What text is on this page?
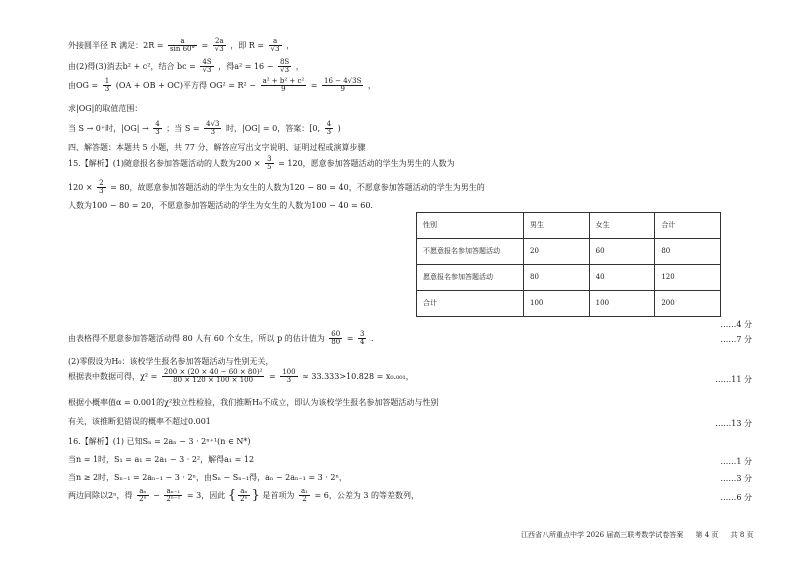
外接圆半径 R 满足：$2R = \frac{a}{\sin 60^\circ} = \frac{2a}{√3}$ ，即 $R = \frac{a}{√3}$ ，
由(2)得(3)消去b² + c²，结合 bc = $\frac{4S}{√3}$ ，得$a^2 = 16 - \frac{8S}{√3}$ ，
由OG = $\frac{1}{3} (OA$ + OB + OC)平方得 $OG^2 = R^2 - \frac{\text{a² + b² + c²}}{9} = \frac{16 - 4√3S}{9}$ ，
求|OG|的取值范围：
当 S → 0⁺时，$|OG| \to \frac{4}{3}$ ；当 $S = \frac{4√3}{3}$ 时，|OG| = 0，答案：[0, $\frac{4}{3}$ )
四、解答题：本题共 5 小题，共 77 分，解答应写出文字说明、证明过程或演算步骤
15.【解析】(1)随意报名参加答题活动的人数为$200 \times \frac{3}{5} = 120$，愿意参加答题活动的学生为男生的人数为
$120 \times \frac{2}{3} = 80$，故愿意参加答题活动的学生为女生的人数为120 − 80 = 40，不愿意参加答题活动的学生为男生的
人数为100 − 80 = 20，不愿意参加答题活动的学生为女生的人数为100 − 40 = 60．
性别	男生	女生	合计
不愿意报名参加答题活动	20	60	80
愿意报名参加答题活动	80	40	120
合计	100	100	200
……4 分
由表格得不愿意参加答题活动得 80 人有 60 个女生，所以 p 的估计值为 $\frac{60}{80} = \frac{3}{4}$ ．	……7 分
(2)零假设为H₀：该校学生报名参加答题活动与性别无关，
根据表中数据可得，$\chi^2 = \frac{\text{200 × (20 × 40 − 60 × 80)²}}{80 \times 120 \times 100 \times 100} = \frac{100}{3} \approx 33.333>10.828 = x_0._{001}$，	……11 分
根据小概率值α = 0.001的χ²独立性检验，我们推断H₀不成立，即认为该校学生报名参加答题活动与性别
有关，该推断犯错误的概率不超过0.001	……13 分
16.【解析】(1) 已知Sₙ = 2aₙ − 3 · 2ⁿ⁺¹(n ∈ N*)
当n = 1时，S₁ = a₁ = 2a₁ − 3 · 2²，解得a₁ = 12	……1 分
当n ≥ 2时，Sₙ₋₁ = 2aₙ₋₁ − 3 · 2ⁿ，由Sₙ − Sₙ₋₁得，aₙ − 2aₙ₋₁ = 3 · 2ⁿ，	……3 分
两边同除以2ⁿ，得 $\frac{\text{aₙ}}{\text{2ⁿ}} - \frac{\text{aₙ₋₁}}{\text{2ⁿ⁻¹}} = 3$，因此 { $\frac{\text{aₙ}}{\text{2ⁿ}}$ } 是首项为 $\frac{\text{a₁}}{2} = 6$，公差为 3 的等差数列，	……6 分
江西省八所重点中学 2026 届高三联考数学试卷答案 第 4 页 共 8 页
